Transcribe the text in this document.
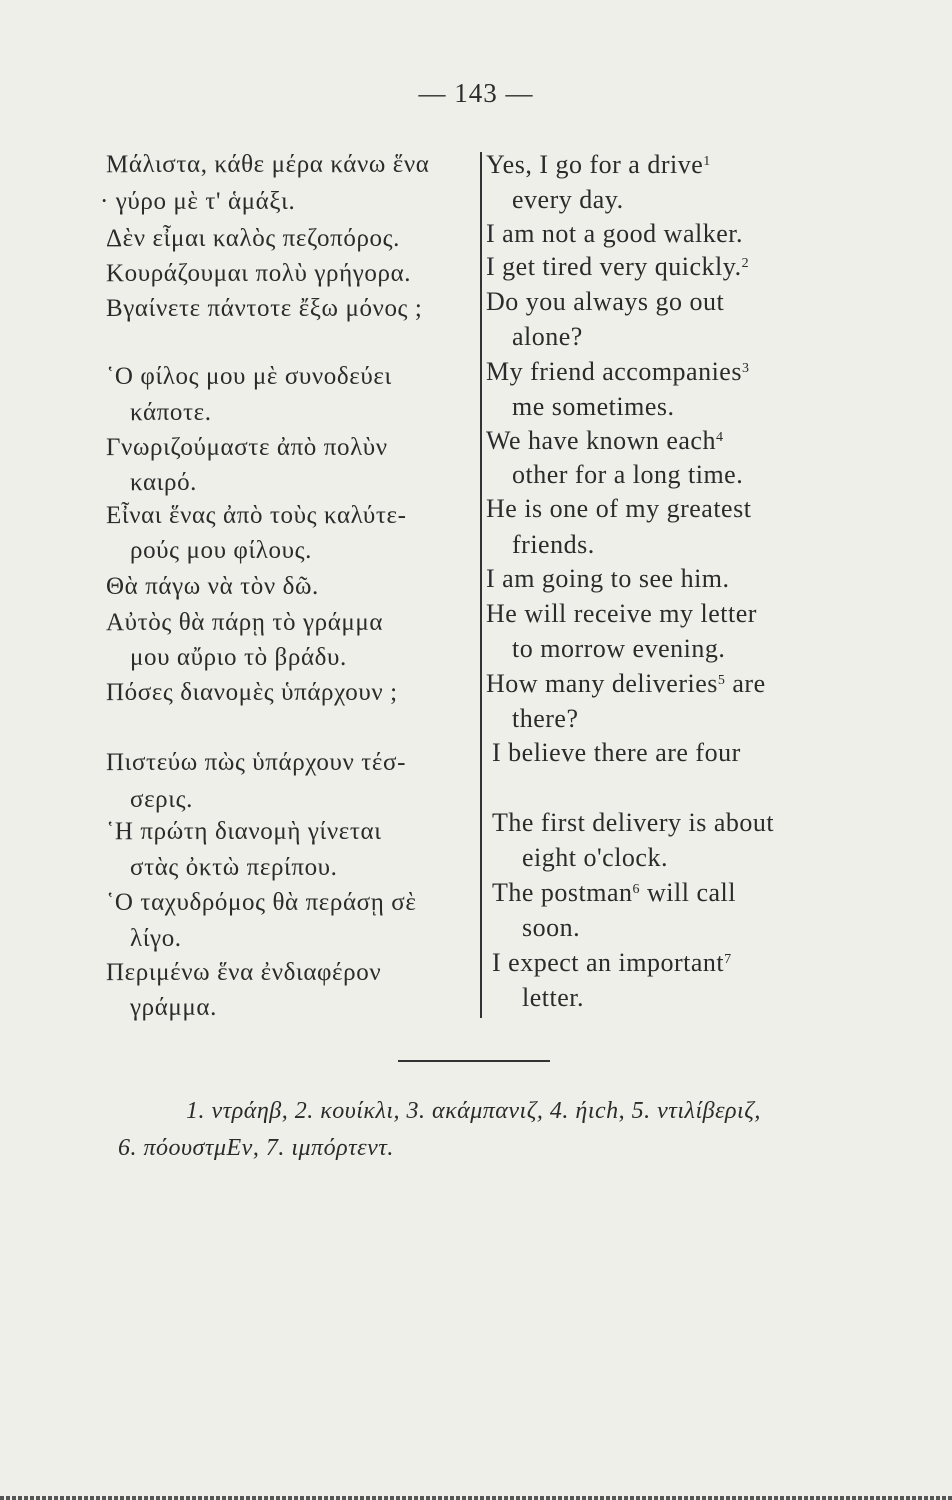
— 143 —
Μάλιστα, κάθε μέρα κάνω ἕνα
· γύρο μὲ τ' ἁμάξι.
Δὲν εἶμαι καλὸς πεζοπόρος.
Κουράζουμαι πολὺ γρήγορα.
Βγαίνετε πάντοτε ἔξω μόνος ;
῾Ο φίλος μου μὲ συνοδεύει
κάποτε.
Γνωριζούμαστε ἀπὸ πολὺν
καιρό.
Εἶναι ἕνας ἀπὸ τοὺς καλύτε-
ρούς μου φίλους.
Θὰ πάγω νὰ τὸν δῶ.
Αὐτὸς θὰ πάρῃ τὸ γράμμα
μου αὔριο τὸ βράδυ.
Πόσες διανομὲς ὑπάρχουν ;
Πιστεύω πὼς ὑπάρχουν τέσ-
σερις.
῾Η πρώτη διανομὴ γίνεται
στὰς ὀκτὼ περίπου.
῾Ο ταχυδρόμος θὰ περάσῃ σὲ
λίγο.
Περιμένω ἕνα ἐνδιαφέρον
γράμμα.
Yes, I go for a drive$^1$
every day.
I am not a good walker.
I get tired very quickly.$^2$
Do you always go out
alone?
My friend accompanies$^3$
me sometimes.
We have known each$^4$
other for a long time.
He is one of my greatest
friends.
I am going to see him.
He will receive my letter
to morrow evening.
How many deliveries$^5$ are
there?
I believe there are four
The first delivery is about
eight o'clock.
The postman$^6$ will call
soon.
I expect an important$^7$
letter.
1. ντράηβ, 2. κουίκλι, 3. ακάμπανιζ, 4. ήιch, 5. ντιλίβεριζ,
6. πόουστμΕν, 7. ιμπόρτεντ.
